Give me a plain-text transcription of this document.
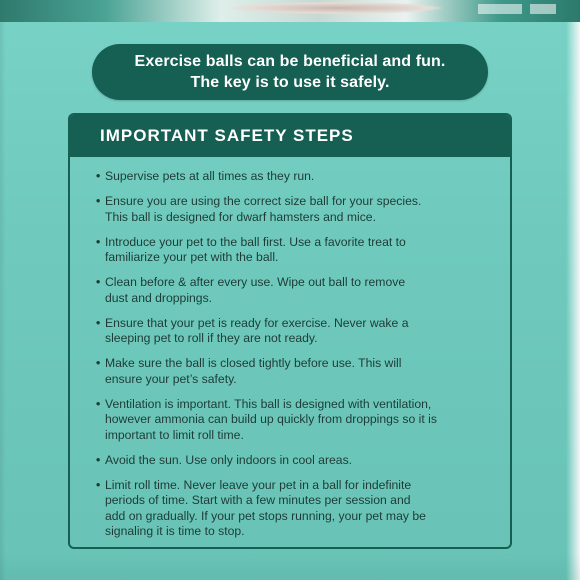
Exercise balls can be beneficial and fun.
The key is to use it safely.
IMPORTANT SAFETY STEPS
• Supervise pets at all times as they run.
• Ensure you are using the correct size ball for your species.
This ball is designed for dwarf hamsters and mice.
• Introduce your pet to the ball first. Use a favorite treat to
familiarize your pet with the ball.
• Clean before & after every use. Wipe out ball to remove
dust and droppings.
• Ensure that your pet is ready for exercise. Never wake a
sleeping pet to roll if they are not ready.
• Make sure the ball is closed tightly before use. This will
ensure your pet’s safety.
• Ventilation is important. This ball is designed with ventilation,
however ammonia can build up quickly from droppings so it is
important to limit roll time.
• Avoid the sun. Use only indoors in cool areas.
• Limit roll time. Never leave your pet in a ball for indefinite
periods of time. Start with a few minutes per session and
add on gradually. If your pet stops running, your pet may be
signaling it is time to stop.
